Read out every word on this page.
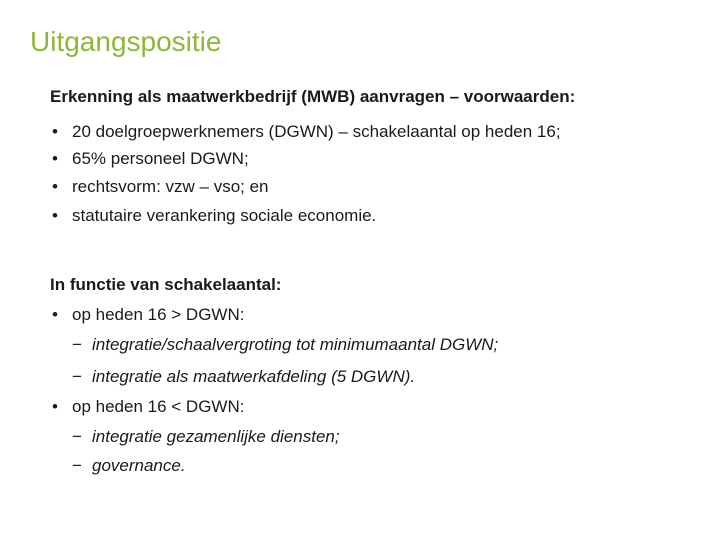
Uitgangspositie
Erkenning als maatwerkbedrijf (MWB) aanvragen – voorwaarden:
• 20 doelgroepwerknemers (DGWN) – schakelaantal op heden 16;
• 65% personeel DGWN;
• rechtsvorm: vzw – vso; en
• statutaire verankering sociale economie.
In functie van schakelaantal:
• op heden 16 > DGWN:
− integratie/schaalvergroting tot minimumaantal DGWN;
− integratie als maatwerkafdeling (5 DGWN).
• op heden 16 < DGWN:
− integratie gezamenlijke diensten;
− governance.
